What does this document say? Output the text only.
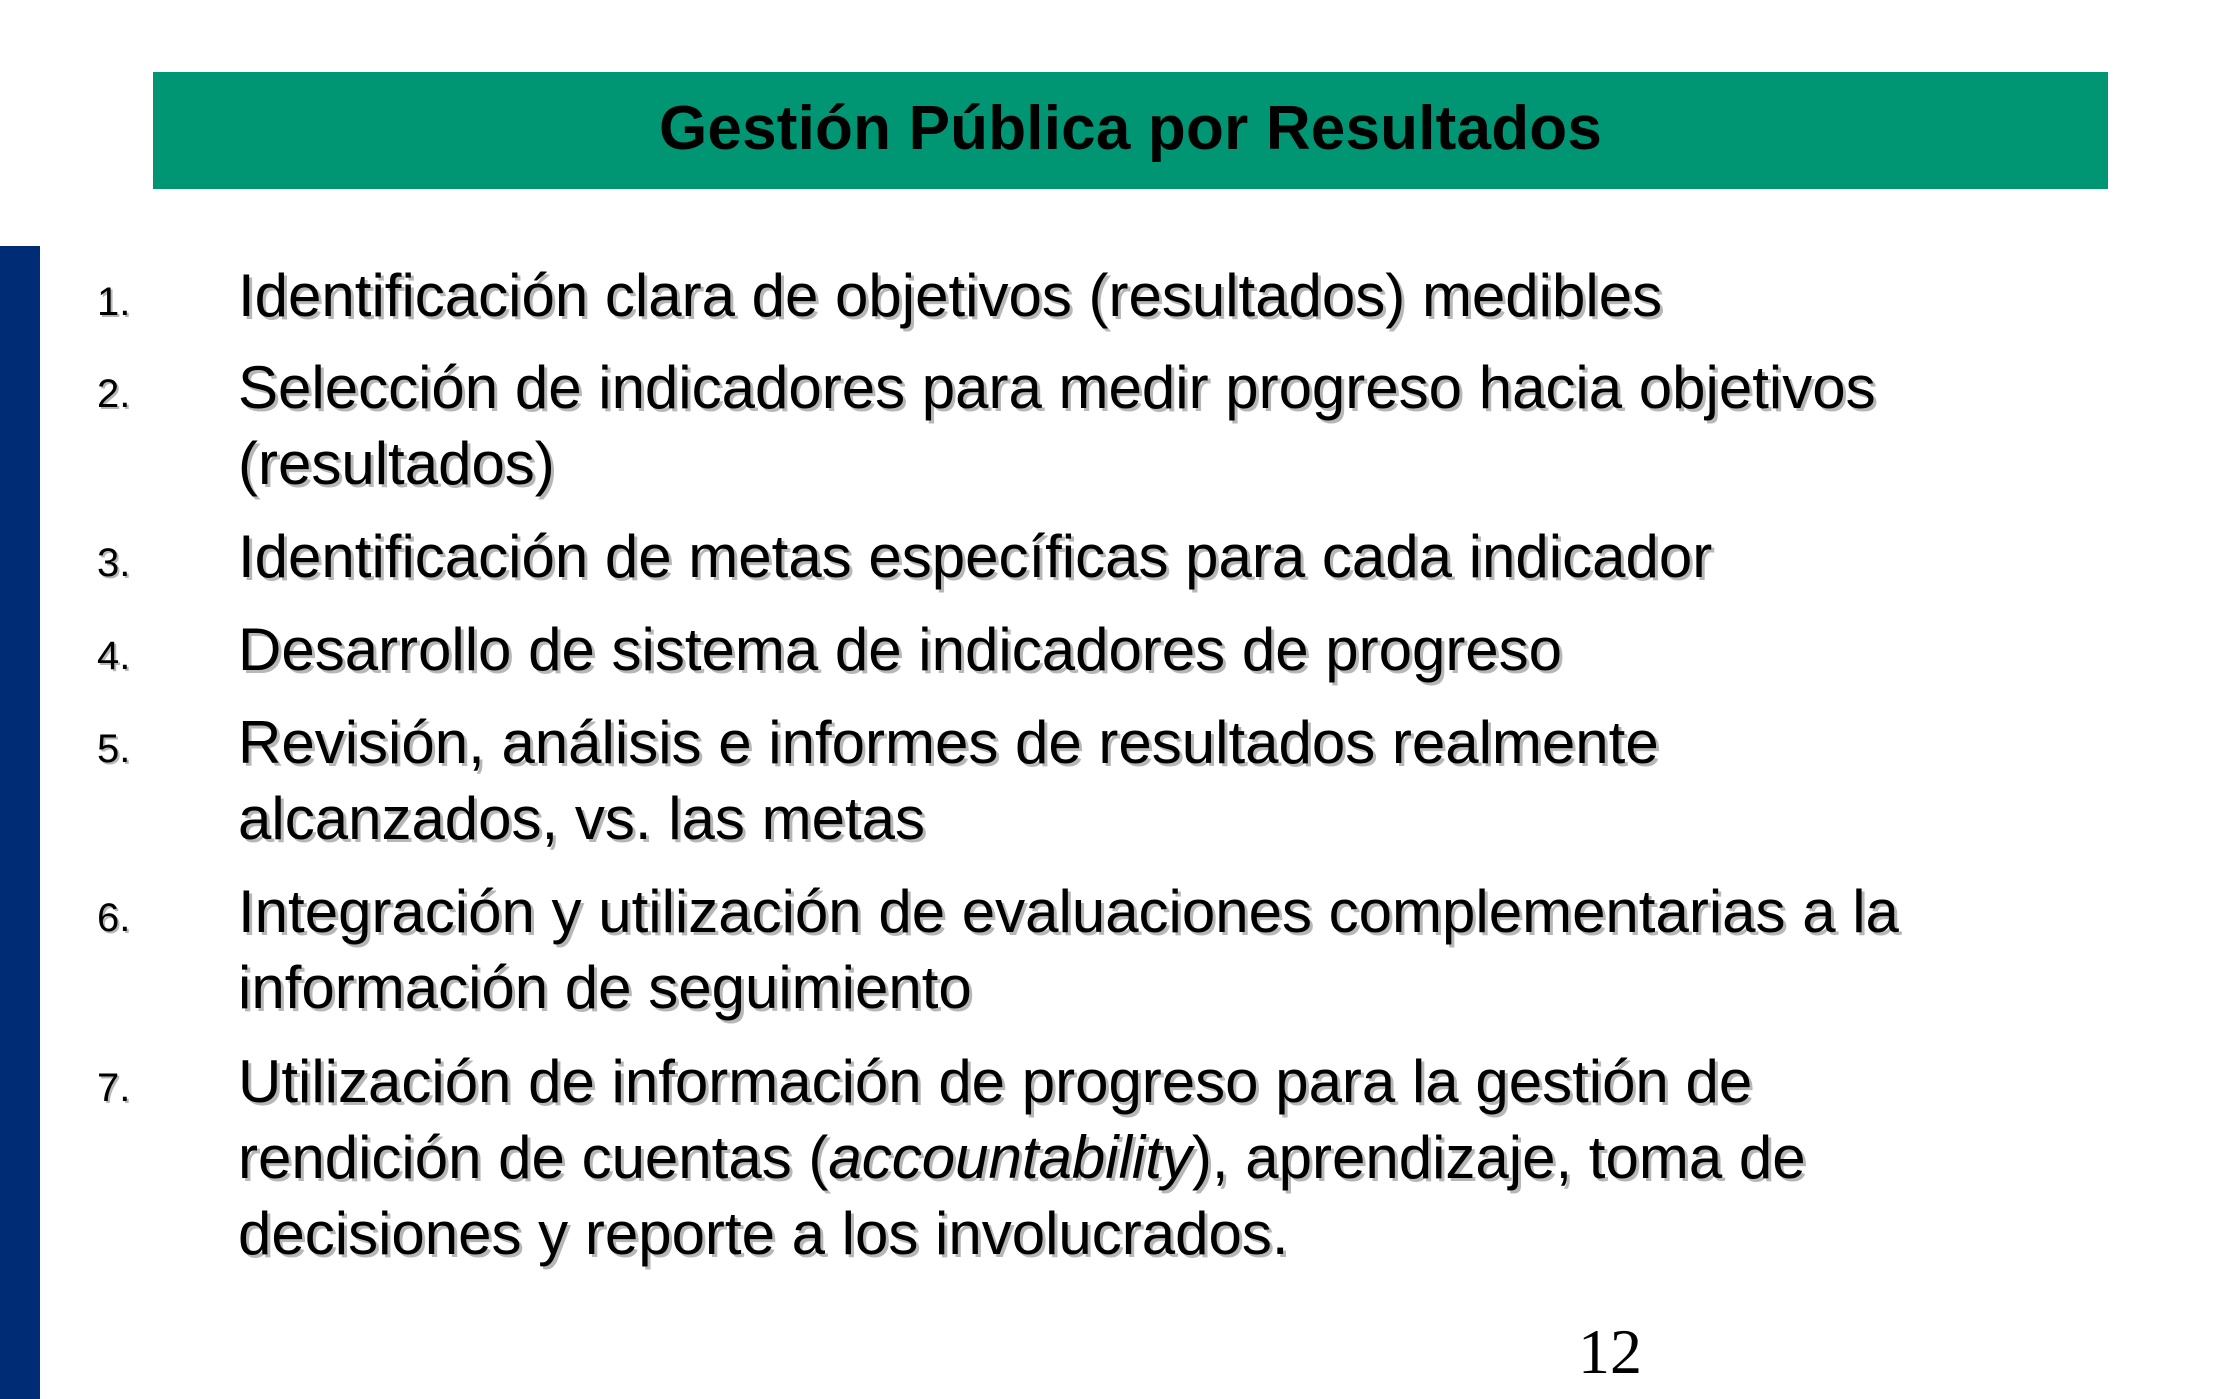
Gestión Pública por Resultados
1. Identificación clara de objetivos (resultados) medibles
2. Selección de indicadores para medir progreso hacia objetivos
(resultados)
3. Identificación de metas específicas para cada indicador
4. Desarrollo de sistema de indicadores de progreso
5. Revisión, análisis e informes de resultados realmente
alcanzados, vs. las metas
6. Integración y utilización de evaluaciones complementarias a la
información de seguimiento
7. Utilización de información de progreso para la gestión de
rendición de cuentas (accountability), aprendizaje, toma de
decisiones y reporte a los involucrados.
12
